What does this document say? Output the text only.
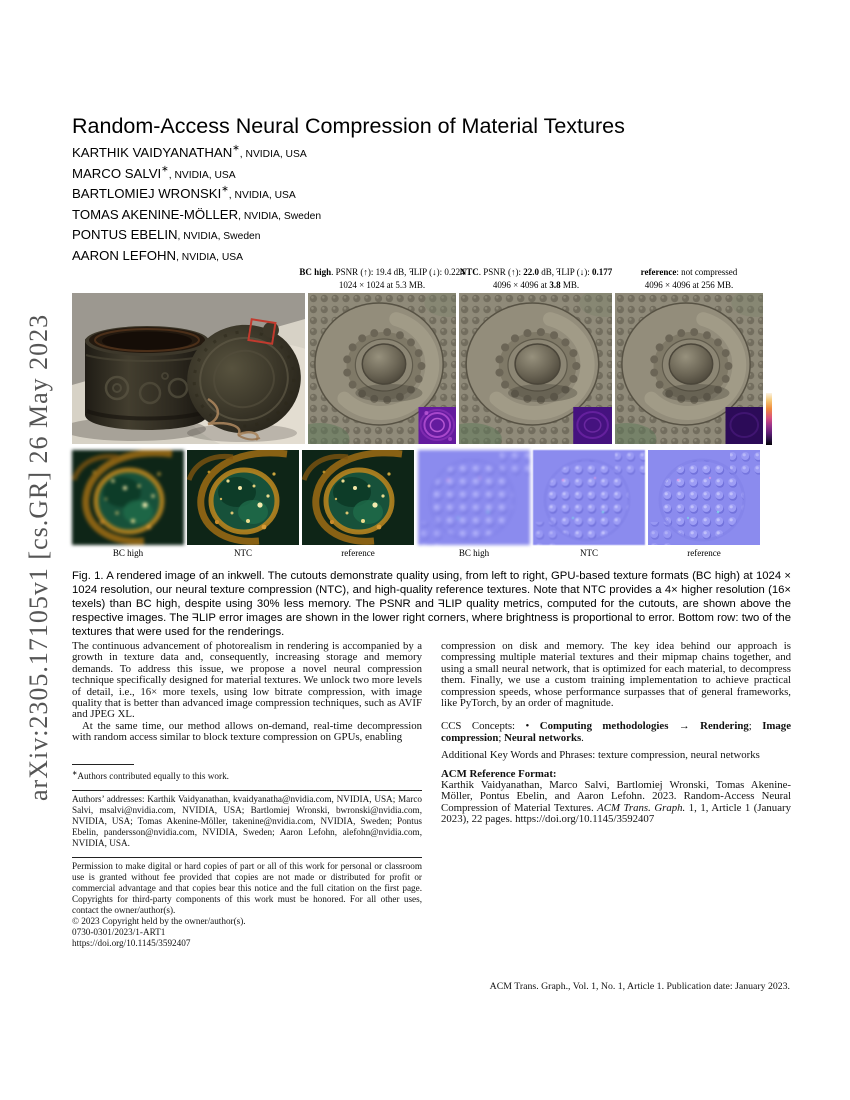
arXiv:2305.17105v1 [cs.GR] 26 May 2023
Random-Access Neural Compression of Material Textures
KARTHIK VAIDYANATHAN∗, NVIDIA, USA
MARCO SALVI∗, NVIDIA, USA
BARTLOMIEJ WRONSKI∗, NVIDIA, USA
TOMAS AKENINE-MÖLLER, NVIDIA, Sweden
PONTUS EBELIN, NVIDIA, Sweden
AARON LEFOHN, NVIDIA, USA
BC high. PSNR (↑): 19.4 dB, FLIP (↓): 0.224
1024 × 1024 at 5.3 MB.
NTC. PSNR (↑): 22.0 dB, FLIP (↓): 0.177
4096 × 4096 at 3.8 MB.
reference: not compressed
4096 × 4096 at 256 MB.
BC high	NTC	reference	BC high	NTC	reference
Fig. 1. A rendered image of an inkwell. The cutouts demonstrate quality using, from left to right, GPU-based texture formats (BC high) at 1024 × 1024 resolution, our neural texture compression (NTC), and high-quality reference textures. Note that NTC provides a 4× higher resolution (16× texels) than BC high, despite using 30% less memory. The PSNR and FLIP quality metrics, computed for the cutouts, are shown above the respective images. The FLIP error images are shown in the lower right corners, where brightness is proportional to error. Bottom row: two of the textures that were used for the renderings.

The continuous advancement of photorealism in rendering is accompanied by a growth in texture data and, consequently, increasing storage and memory demands. To address this issue, we propose a novel neural compression technique specifically designed for material textures. We unlock two more levels of detail, i.e., 16× more texels, using low bitrate compression, with image quality that is better than advanced image compression techniques, such as AVIF and JPEG XL.

At the same time, our method allows on-demand, real-time decompression with random access similar to block texture compression on GPUs, enabling

∗Authors contributed equally to this work.

Authors’ addresses: Karthik Vaidyanathan, kvaidyanatha@nvidia.com, NVIDIA, USA; Marco Salvi, msalvi@nvidia.com, NVIDIA, USA; Bartlomiej Wronski, bwronski@nvidia.com, NVIDIA, USA; Tomas Akenine-Möller, takenine@nvidia.com, NVIDIA, Sweden; Pontus Ebelin, pandersson@nvidia.com, NVIDIA, Sweden; Aaron Lefohn, alefohn@nvidia.com, NVIDIA, USA.

Permission to make digital or hard copies of part or all of this work for personal or classroom use is granted without fee provided that copies are not made or distributed for profit or commercial advantage and that copies bear this notice and the full citation on the first page. Copyrights for third-party components of this work must be honored. For all other uses, contact the owner/author(s).

© 2023 Copyright held by the owner/author(s).

0730-0301/2023/1-ART1

https://doi.org/10.1145/3592407

compression on disk and memory. The key idea behind our approach is compressing multiple material textures and their mipmap chains together, and using a small neural network, that is optimized for each material, to decompress them. Finally, we use a custom training implementation to achieve practical compression speeds, whose performance surpasses that of general frameworks, like PyTorch, by an order of magnitude.

CCS Concepts: • Computing methodologies → Rendering; Image compression; Neural networks.

Additional Key Words and Phrases: texture compression, neural networks

ACM Reference Format:

Karthik Vaidyanathan, Marco Salvi, Bartlomiej Wronski, Tomas Akenine-Möller, Pontus Ebelin, and Aaron Lefohn. 2023. Random-Access Neural Compression of Material Textures. ACM Trans. Graph. 1, 1, Article 1 (January 2023), 22 pages. https://doi.org/10.1145/3592407

ACM Trans. Graph., Vol. 1, No. 1, Article 1. Publication date: January 2023.
